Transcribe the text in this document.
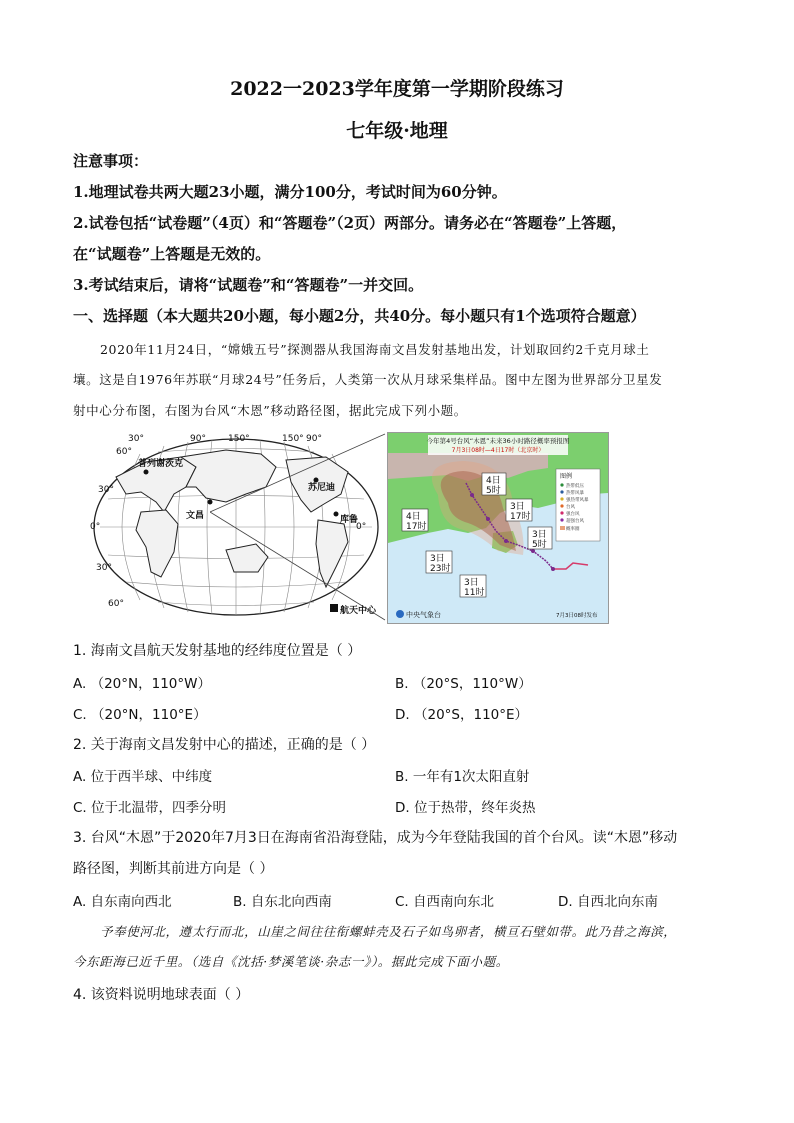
2022一2023学年度第一学期阶段练习
七年级·地理
注意事项：
1.地理试卷共两大题23小题，满分100分，考试时间为60分钟。
2.试卷包括“试卷题”（4页）和“答题卷”（2页）两部分。请务必在“答题卷”上答题，
在“试题卷”上答题是无效的。
3.考试结束后，请将“试题卷”和“答题卷”一并交回。
一、选择题（本大题共20小题，每小题2分，共40分。每小题只有1个选项符合题意）
2020年11月24日，“嫦娥五号”探测器从我国海南文昌发射基地出发，计划取回约2千克月球土
壤。这是自1976年苏联“月球24号”任务后，人类第一次从月球采集样品。图中左图为世界部分卫星发
射中心分布图，右图为台风“木恩”移动路径图，据此完成下列小题。
30°	90° 150°	150° 90°
60°
30°
0°	0°
30°
60°
普列谢茨克
文昌
苏尼迪
库鲁
航天中心
今年第4号台风“木恩”未来36小时路径概率预报图
7月3日08时—4日17时（北京时）
4日
5时
4日
17时
3日
17时
3日
5时
3日
23时
3日
11时
图例
热带低压
热带风暴
强热带风暴
台风
强台风
超强台风
概率圈
中央气象台	7月3日08时发布
1. 海南文昌航天发射基地的经纬度位置是（ ）
A. （20°N，110°W）	B. （20°S，110°W）
C. （20°N，110°E）	D. （20°S，110°E）
2. 关于海南文昌发射中心的描述，正确的是（ ）
A. 位于西半球、中纬度	B. 一年有1次太阳直射
C. 位于北温带，四季分明	D. 位于热带，终年炎热
3. 台风“木恩”于2020年7月3日在海南省沿海登陆，成为今年登陆我国的首个台风。读“木恩”移动
路径图，判断其前进方向是（ ）
A. 自东南向西北	B. 自东北向西南	C. 自西南向东北	D. 自西北向东南
予奉使河北，遵太行而北，山崖之间往往衔螺蚌壳及石子如鸟卵者，横亘石壁如带。此乃昔之海滨，
今东距海已近千里。（选自《沈括·梦溪笔谈·杂志一》）。据此完成下面小题。
4. 该资料说明地球表面（ ）
